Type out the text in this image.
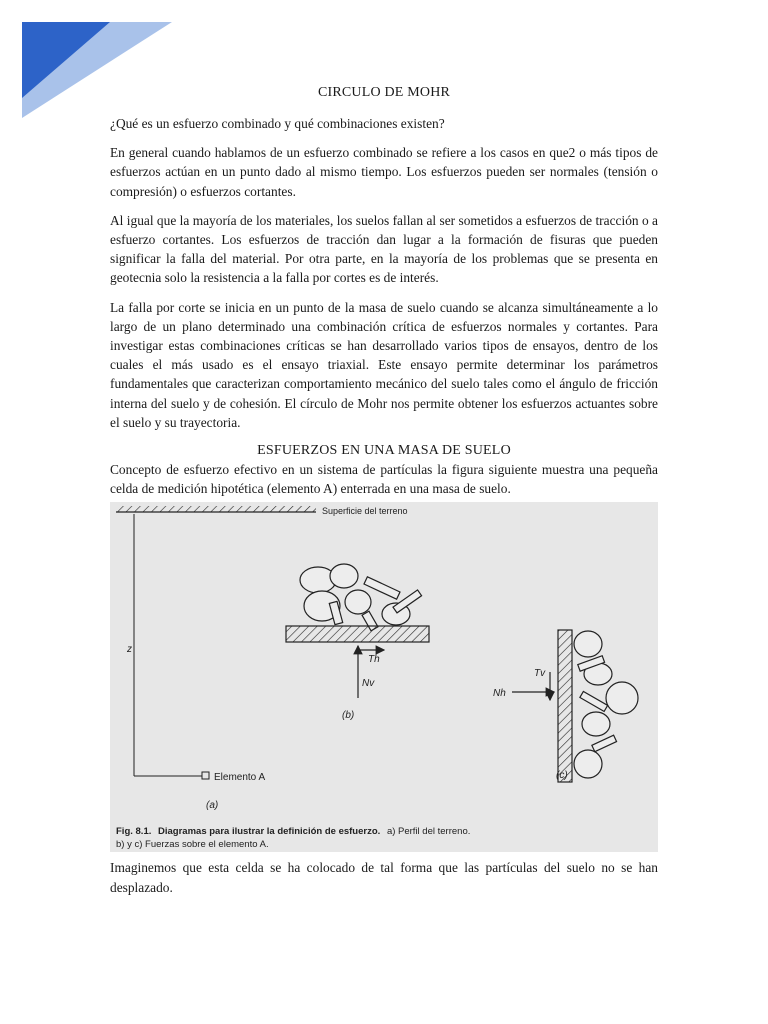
CIRCULO DE MOHR

¿Qué es un esfuerzo combinado y qué combinaciones existen?

En general cuando hablamos de un esfuerzo combinado se refiere a los casos en que2 o más tipos de esfuerzos actúan en un punto dado al mismo tiempo. Los esfuerzos pueden ser normales (tensión o compresión) o esfuerzos cortantes.

Al igual que la mayoría de los materiales, los suelos fallan al ser sometidos a esfuerzos de tracción o a esfuerzo cortantes. Los esfuerzos de tracción dan lugar a la formación de fisuras que pueden significar la falla del material. Por otra parte, en la mayoría de los problemas que se presenta en geotecnia solo la resistencia a la falla por cortes es de interés.

La falla por corte se inicia en un punto de la masa de suelo cuando se alcanza simultáneamente a lo largo de un plano determinado una combinación crítica de esfuerzos normales y cortantes. Para investigar estas combinaciones críticas se han desarrollado varios tipos de ensayos, dentro de los cuales el más usado es el ensayo triaxial. Este ensayo permite determinar los parámetros fundamentales que caracterizan comportamiento mecánico del suelo tales como el ángulo de fricción interna del suelo y de cohesión. El círculo de Mohr nos permite obtener los esfuerzos actuantes sobre el suelo y su trayectoria.

ESFUERZOS EN UNA MASA DE SUELO

Concepto de esfuerzo efectivo en un sistema de partículas la figura siguiente muestra una pequeña celda de medición hipotética (elemento A) enterrada en una masa de suelo.

Superficie del terreno
z
Elemento A
(a)
Th
Nv
(b)
Tv
Nh
(c)
Fig. 8.1. Diagramas para ilustrar la definición de esfuerzo. a) Perfil del terreno.
b) y c) Fuerzas sobre el elemento A.

Imaginemos que esta celda se ha colocado de tal forma que las partículas del suelo no se han desplazado.
